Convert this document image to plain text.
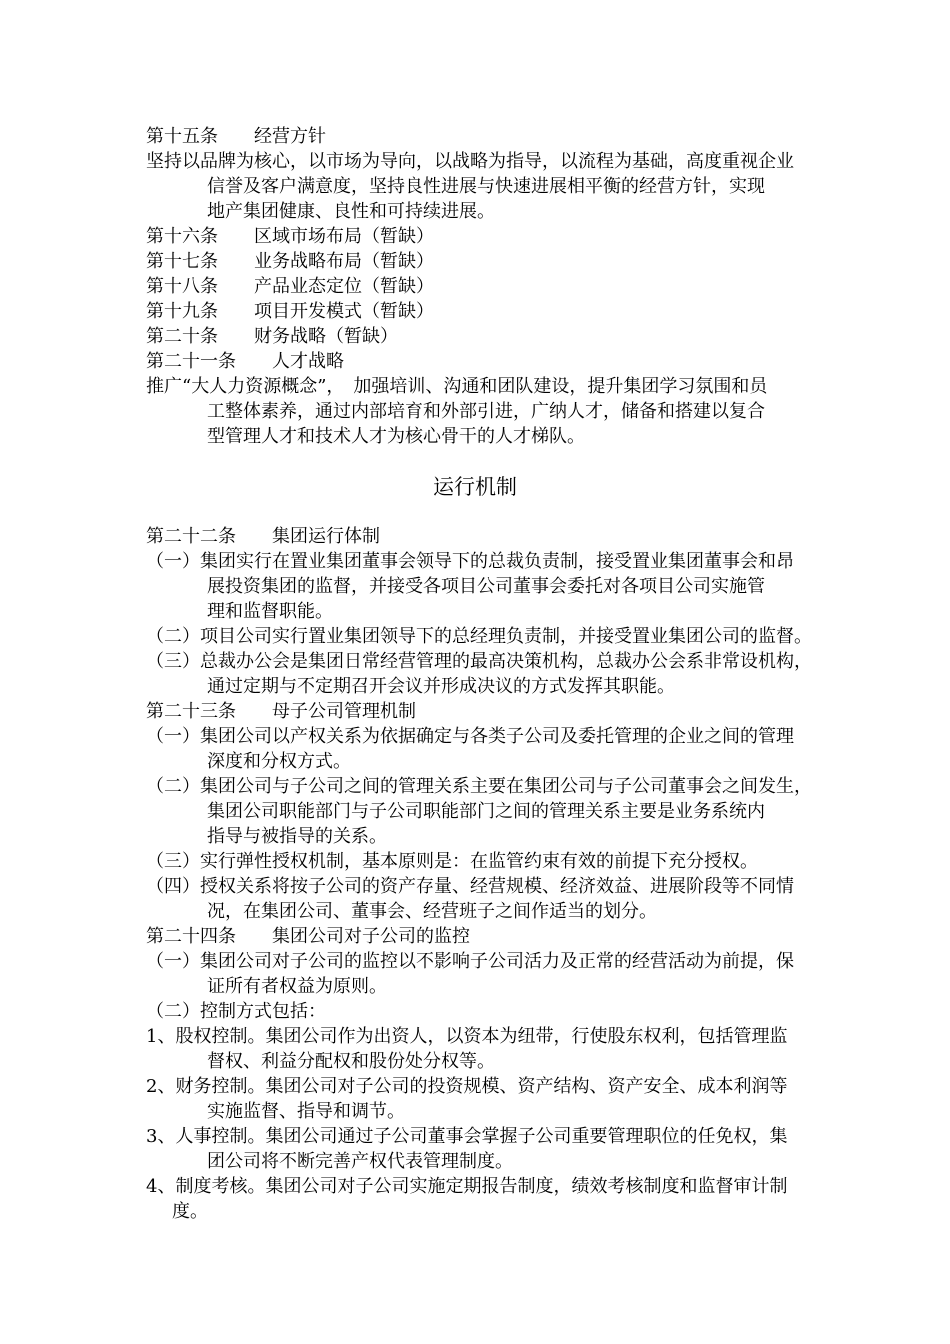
第十五条　　经营方针
坚持以品牌为核心，以市场为导向，以战略为指导，以流程为基础，高度重视企业
信誉及客户满意度，坚持良性进展与快速进展相平衡的经营方针，实现
地产集团健康、良性和可持续进展。
第十六条　　区域市场布局（暂缺）
第十七条　　业务战略布局（暂缺）
第十八条　　产品业态定位（暂缺）
第十九条　　项目开发模式（暂缺）
第二十条　　财务战略（暂缺）
第二十一条　　人才战略
推广“大人力资源概念”，　加强培训、沟通和团队建设，提升集团学习氛围和员
工整体素养，通过内部培育和外部引进，广纳人才，储备和搭建以复合
型管理人才和技术人才为核心骨干的人才梯队。
运行机制
第二十二条　　集团运行体制
（一）集团实行在置业集团董事会领导下的总裁负责制，接受置业集团董事会和昂
展投资集团的监督，并接受各项目公司董事会委托对各项目公司实施管
理和监督职能。
（二）项目公司实行置业集团领导下的总经理负责制，并接受置业集团公司的监督。
（三）总裁办公会是集团日常经营管理的最高决策机构，总裁办公会系非常设机构，
通过定期与不定期召开会议并形成决议的方式发挥其职能。
第二十三条　　母子公司管理机制
（一）集团公司以产权关系为依据确定与各类子公司及委托管理的企业之间的管理
深度和分权方式。
（二）集团公司与子公司之间的管理关系主要在集团公司与子公司董事会之间发生，
集团公司职能部门与子公司职能部门之间的管理关系主要是业务系统内
指导与被指导的关系。
（三）实行弹性授权机制，基本原则是：在监管约束有效的前提下充分授权。
（四）授权关系将按子公司的资产存量、经营规模、经济效益、进展阶段等不同情
况，在集团公司、董事会、经营班子之间作适当的划分。
第二十四条　　集团公司对子公司的监控
（一）集团公司对子公司的监控以不影响子公司活力及正常的经营活动为前提，保
证所有者权益为原则。
（二）控制方式包括：
1、股权控制。集团公司作为出资人，以资本为纽带，行使股东权利，包括管理监
督权、利益分配权和股份处分权等。
2、财务控制。集团公司对子公司的投资规模、资产结构、资产安全、成本利润等
实施监督、指导和调节。
3、人事控制。集团公司通过子公司董事会掌握子公司重要管理职位的任免权，集
团公司将不断完善产权代表管理制度。
4、制度考核。集团公司对子公司实施定期报告制度，绩效考核制度和监督审计制
度。
